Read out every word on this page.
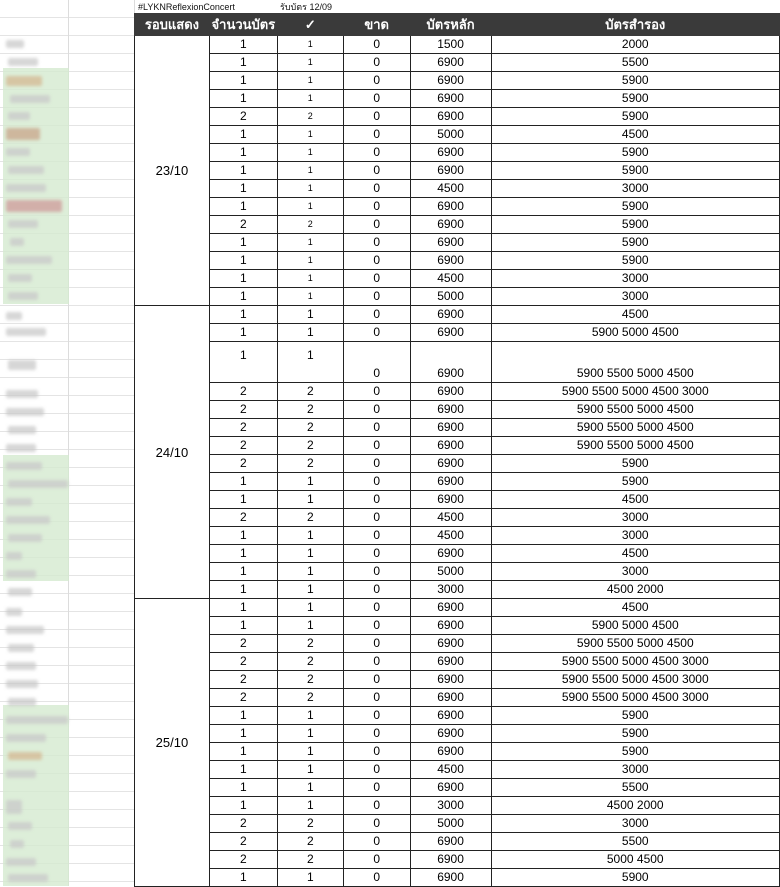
#LYKNReflexionConcert	รับบัตร 12/09
รอบแสดง	จำนวนบัตร	✓	ขาด	บัตรหลัก	บัตรสำรอง
23/10	1	1	0	1500	2000
	1	1	0	6900	5500
	1	1	0	6900	5900
	1	1	0	6900	5900
	2	2	0	6900	5900
	1	1	0	5000	4500
	1	1	0	6900	5900
	1	1	0	6900	5900
	1	1	0	4500	3000
	1	1	0	6900	5900
	2	2	0	6900	5900
	1	1	0	6900	5900
	1	1	0	6900	5900
	1	1	0	4500	3000
	1	1	0	5000	3000
24/10	1	1	0	6900	4500
	1	1	0	6900	5900 5000 4500
	1	1	0	6900	5900 5500 5000 4500
	2	2	0	6900	5900 5500 5000 4500 3000
	2	2	0	6900	5900 5500 5000 4500
	2	2	0	6900	5900 5500 5000 4500
	2	2	0	6900	5900 5500 5000 4500
	2	2	0	6900	5900
	1	1	0	6900	5900
	1	1	0	6900	4500
	2	2	0	4500	3000
	1	1	0	4500	3000
	1	1	0	6900	4500
	1	1	0	5000	3000
	1	1	0	3000	4500 2000
25/10	1	1	0	6900	4500
	1	1	0	6900	5900 5000 4500
	2	2	0	6900	5900 5500 5000 4500
	2	2	0	6900	5900 5500 5000 4500 3000
	2	2	0	6900	5900 5500 5000 4500 3000
	2	2	0	6900	5900 5500 5000 4500 3000
	1	1	0	6900	5900
	1	1	0	6900	5900
	1	1	0	6900	5900
	1	1	0	4500	3000
	1	1	0	6900	5500
	1	1	0	3000	4500 2000
	2	2	0	5000	3000
	2	2	0	6900	5500
	2	2	0	6900	5000 4500
	1	1	0	6900	5900
